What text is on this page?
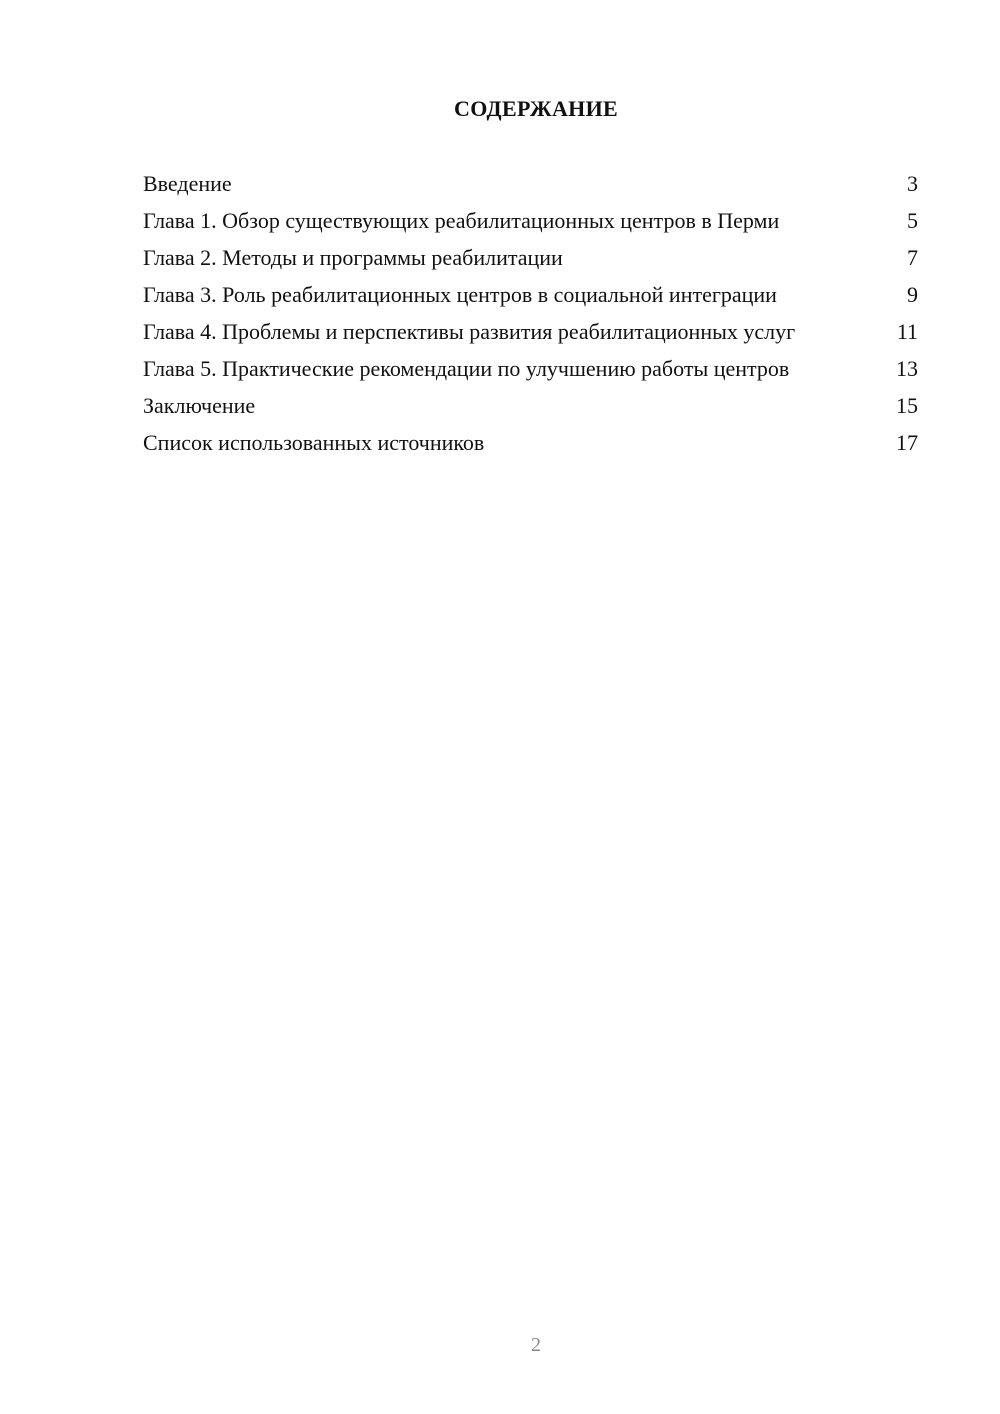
СОДЕРЖАНИЕ
Введение	3
Глава 1. Обзор существующих реабилитационных центров в Перми	5
Глава 2. Методы и программы реабилитации	7
Глава 3. Роль реабилитационных центров в социальной интеграции	9
Глава 4. Проблемы и перспективы развития реабилитационных услуг	11
Глава 5. Практические рекомендации по улучшению работы центров	13
Заключение	15
Список использованных источников	17
2
